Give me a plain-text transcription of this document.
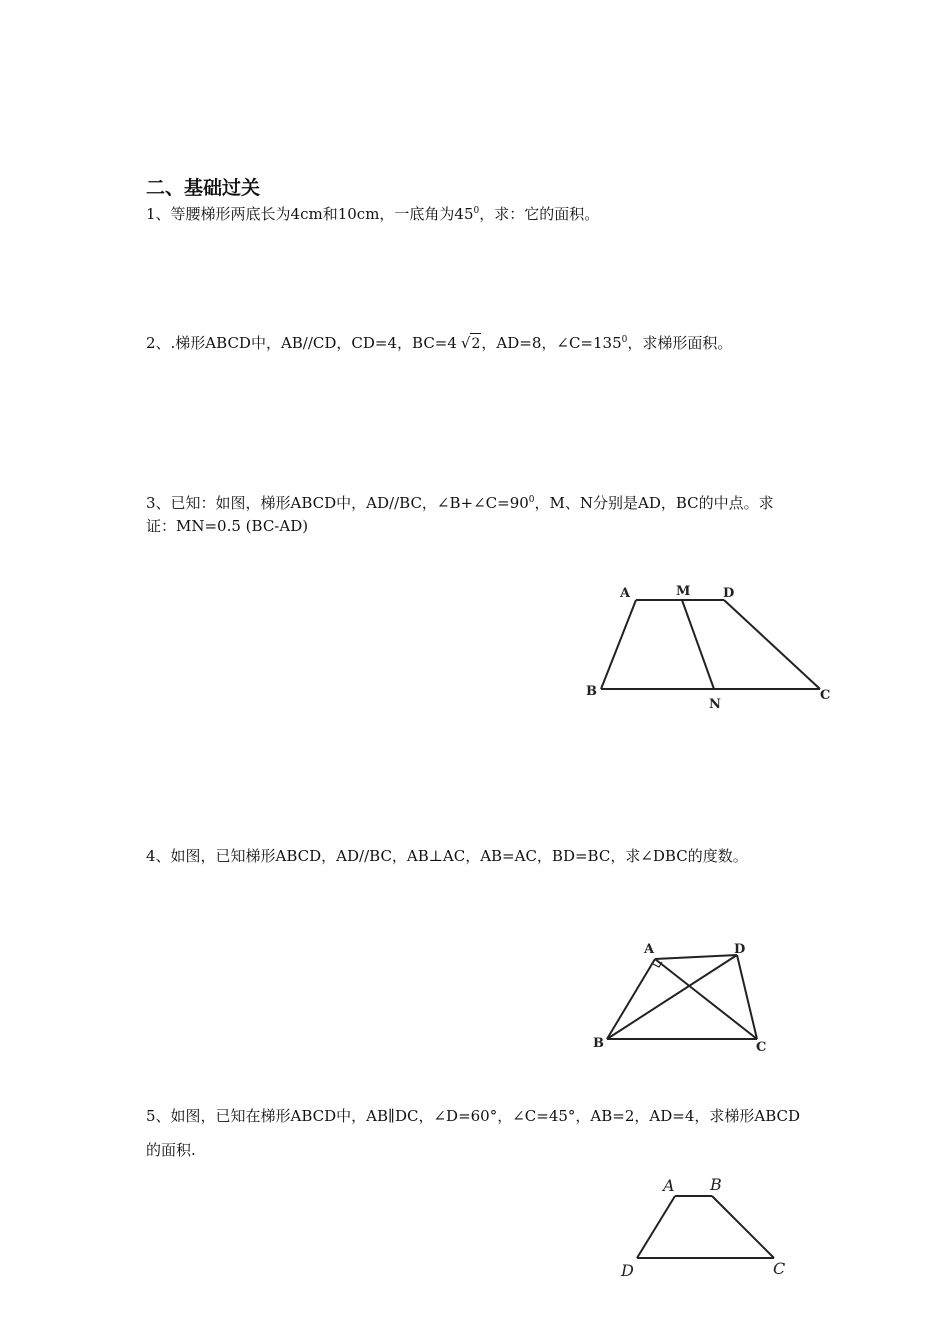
二、基础过关
1、等腰梯形两底长为4cm和10cm，一底角为$45^0$，求：它的面积。
2、.梯形ABCD中，AB//CD，CD=4，BC=4 √2，AD=8，$\angle C=135^0$，求梯形面积。
3、已知：如图，梯形ABCD中，AD//BC，$\angle B+\angle C=90^0$，M、N分别是AD，BC的中点。求
证：MN=0.5 (BC-AD)
A	M	D
B
N
C
4、如图，已知梯形ABCD，AD//BC，AB⊥AC，AB=AC，BD=BC，求∠DBC的度数。
A	D
B	C
5、如图，已知在梯形ABCD中，AB∥DC，∠D=60°，∠C=45°，AB=2，AD=4，求梯形ABCD
的面积.
A B
D	C
